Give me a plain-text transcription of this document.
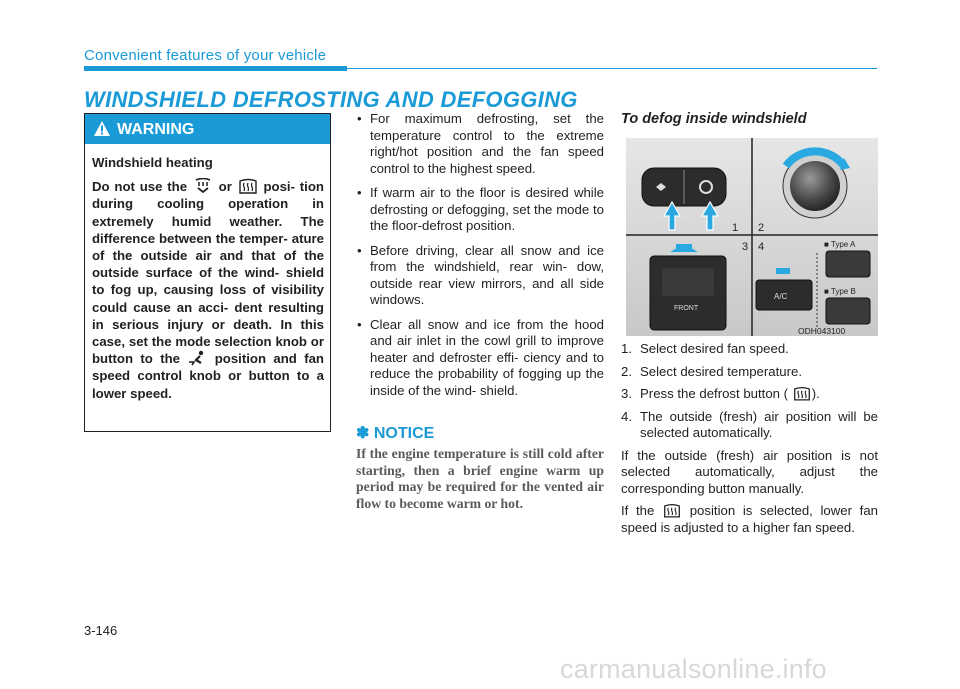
Convenient features of your vehicle
WINDSHIELD DEFROSTING AND DEFOGGING
WARNING

Windshield heating

Do not use the or posi- tion during cooling operation in extremely humid weather. The difference between the temper- ature of the outside air and that of the outside surface of the wind- shield to fog up, causing loss of visibility could cause an acci- dent resulting in serious injury or death. In this case, set the mode selection knob or button to the	position and fan speed control knob or button to a lower speed.

• For maximum defrosting, set the temperature control to the extreme right/hot position and the fan speed control to the highest speed.
• If warm air to the floor is desired while defrosting or defogging, set the mode to the floor-defrost position.
• Before driving, clear all snow and ice from the windshield, rear win- dow, outside rear view mirrors, and all side windows.
• Clear all snow and ice from the hood and air inlet in the cowl grill to improve heater and defroster effi- ciency and to reduce the probability of fogging up the inside of the wind- shield.
✽ NOTICE
If the engine temperature is still cold after starting, then a brief engine warm up period may be required for the vented air flow to become warm or hot.
To defog inside windshield
1 2
3 4
FRONT
A/C
■ Type A
■ Type B
ODH043100
1. Select desired fan speed.
2. Select desired temperature.
3. Press the defrost button ( ).
4. The outside (fresh) air position will be selected automatically.

If the outside (fresh) air position is not selected automatically, adjust the corresponding button manually.

If the	position is selected, lower fan speed is adjusted to a higher fan speed.

3-146
carmanualsonline.info
